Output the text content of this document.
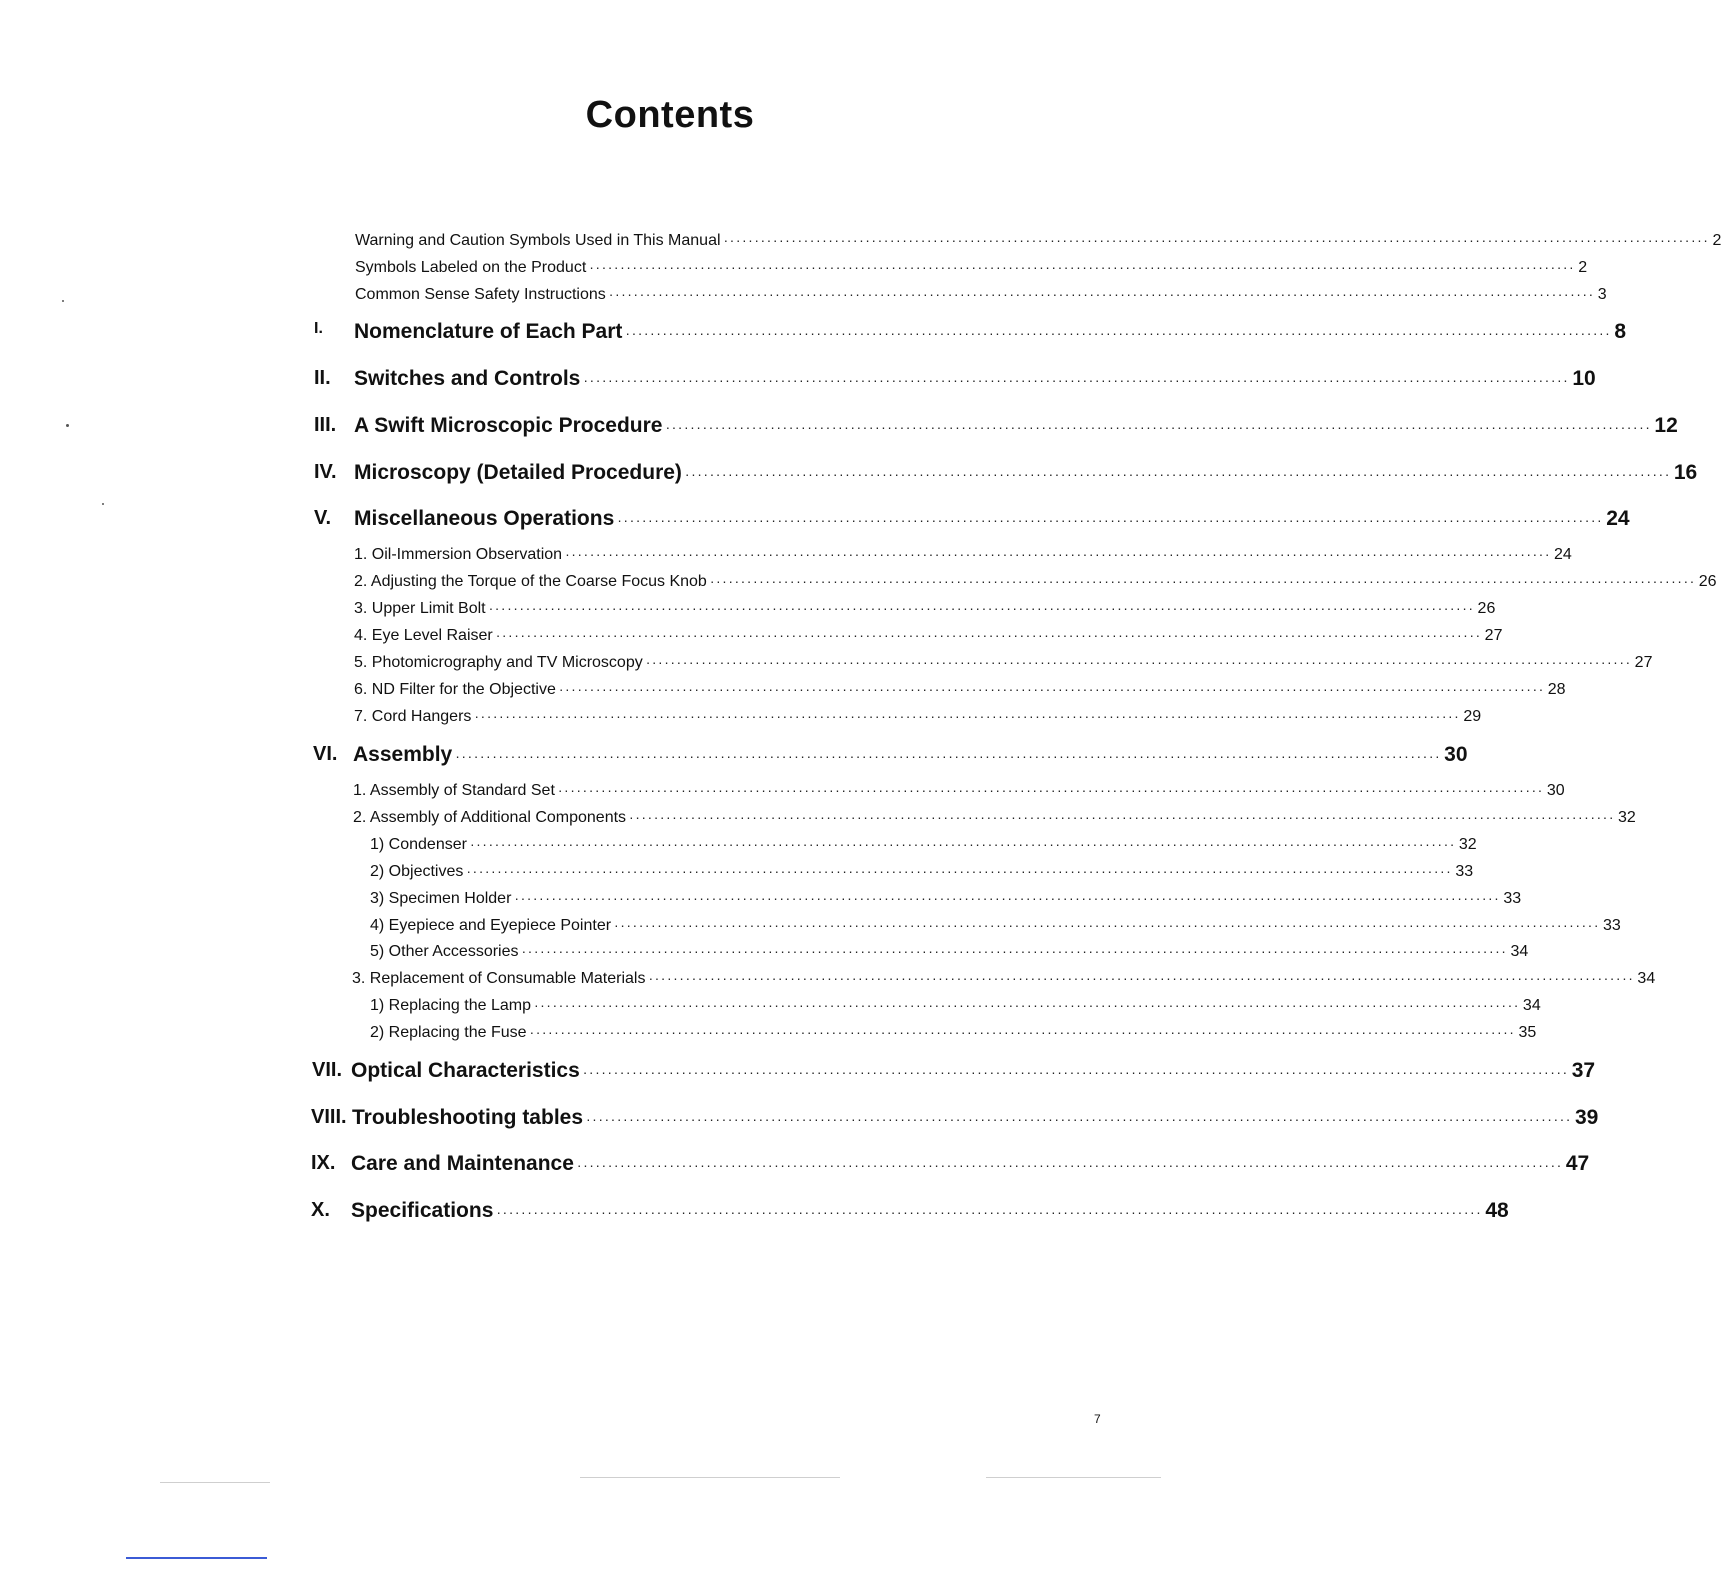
Contents
Warning and Caution Symbols Used in This Manual ································································································································································ 2
Symbols Labeled on the Product ································································································································································ 2
Common Sense Safety Instructions ································································································································································ 3
I. Nomenclature of Each Part ································································································································································ 8
II. Switches and Controls ································································································································································ 10
III. A Swift Microscopic Procedure ································································································································································ 12
IV. Microscopy (Detailed Procedure) ································································································································································ 16
V. Miscellaneous Operations ································································································································································ 24
1. Oil-Immersion Observation ································································································································································ 24
2. Adjusting the Torque of the Coarse Focus Knob ································································································································································ 26
3. Upper Limit Bolt ································································································································································ 26
4. Eye Level Raiser ································································································································································ 27
5. Photomicrography and TV Microscopy ································································································································································ 27
6. ND Filter for the Objective ································································································································································ 28
7. Cord Hangers ································································································································································ 29
VI. Assembly ································································································································································ 30
1. Assembly of Standard Set ································································································································································ 30
2. Assembly of Additional Components ································································································································································ 32
1) Condenser ································································································································································ 32
2) Objectives ································································································································································ 33
3) Specimen Holder ································································································································································ 33
4) Eyepiece and Eyepiece Pointer ································································································································································ 33
5) Other Accessories ································································································································································ 34
3. Replacement of Consumable Materials ································································································································································ 34
1) Replacing the Lamp ································································································································································ 34
2) Replacing the Fuse ································································································································································ 35
VII. Optical Characteristics ································································································································································ 37
VIII. Troubleshooting tables ································································································································································ 39
IX. Care and Maintenance ································································································································································ 47
X. Specifications ································································································································································ 48
7
